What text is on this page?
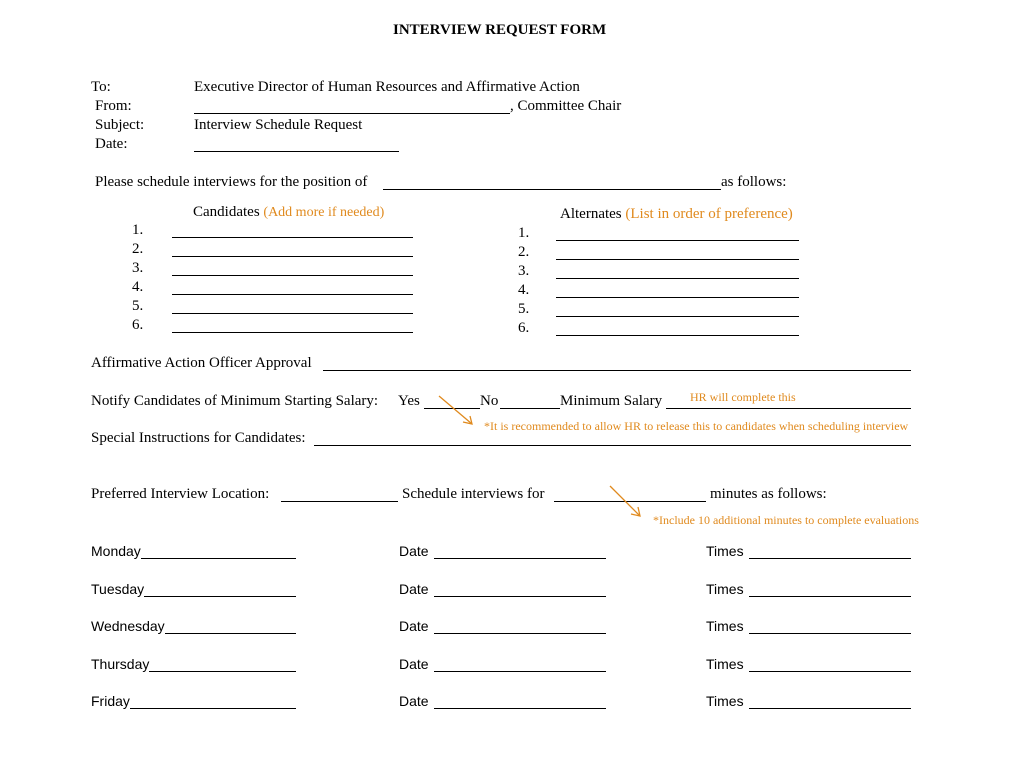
INTERVIEW REQUEST FORM
To:	Executive Director of Human Resources and Affirmative Action
From:	, Committee Chair
Subject:	Interview Schedule Request
Date:
Please schedule interviews for the position of	as follows:
Candidates (Add more if needed)
1.
2.
3.
4.
5.
6.
Alternates (List in order of preference)
1.
2.
3.
4.
5.
6.
Affirmative Action Officer Approval
Notify Candidates of Minimum Starting Salary: Yes	No	Minimum Salary HR will complete this
*It is recommended to allow HR to release this to candidates when scheduling interview
Special Instructions for Candidates:
Preferred Interview Location:	Schedule interviews for	minutes as follows:
*Include 10 additional minutes to complete evaluations
Monday	Date	Times
Tuesday	Date	Times
Wednesday	Date	Times
Thursday	Date	Times
Friday	Date	Times
